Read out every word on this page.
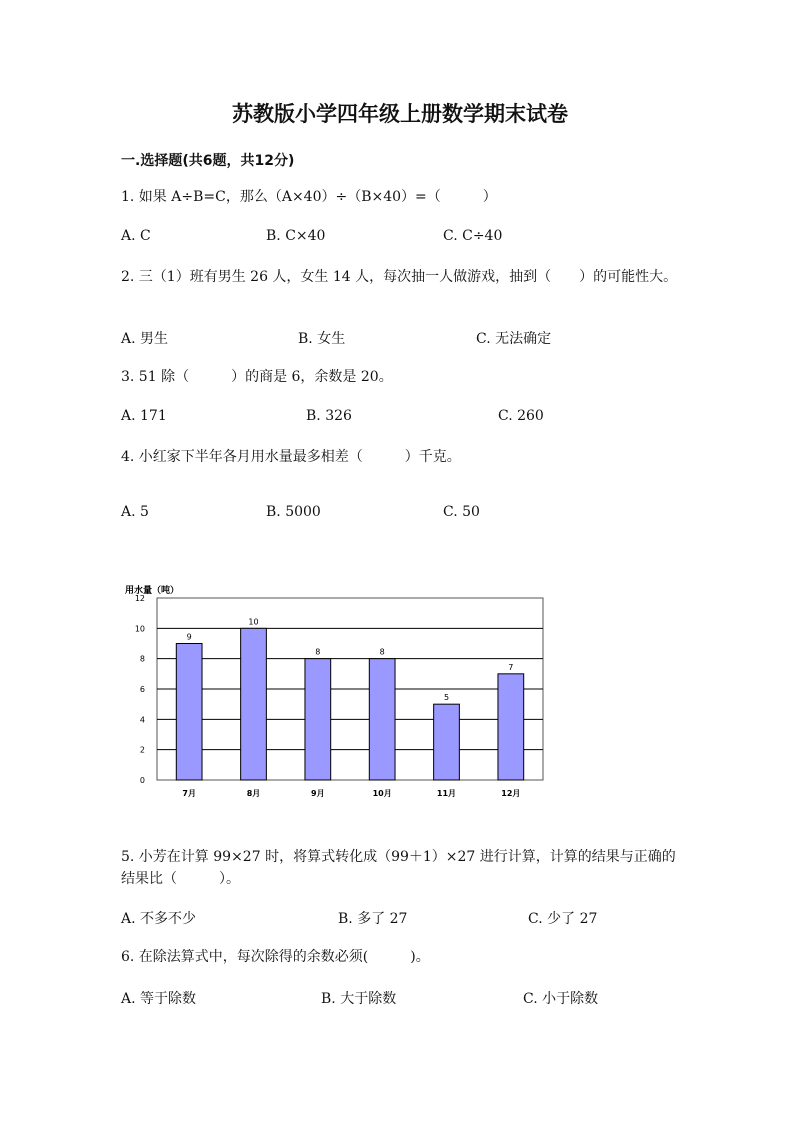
苏教版小学四年级上册数学期末试卷
一.选择题(共6题，共12分)
1. 如果 A÷B=C，那么（A×40）÷（B×40）=（　　　）
A. C	B. C×40	C. C÷40
2. 三（1）班有男生 26 人，女生 14 人，每次抽一人做游戏，抽到（　　）的可能性大。
A. 男生	B. 女生	C. 无法确定
3. 51 除（　　　）的商是 6，余数是 20。
A. 171	B. 326	C. 260
4. 小红家下半年各月用水量最多相差（　　　）千克。
A. 5	B. 5000	C. 50
用水量（吨）
0
2
4
6
8
10
12
9
7月
10
8月
8
9月
8
10月
5
11月
7
12月
5. 小芳在计算 99×27 时，将算式转化成（99＋1）×27 进行计算，计算的结果与正确的结果比（　　　）。
A. 不多不少	B. 多了 27	C. 少了 27
6. 在除法算式中，每次除得的余数必须(　　　)。
A. 等于除数	B. 大于除数	C. 小于除数
